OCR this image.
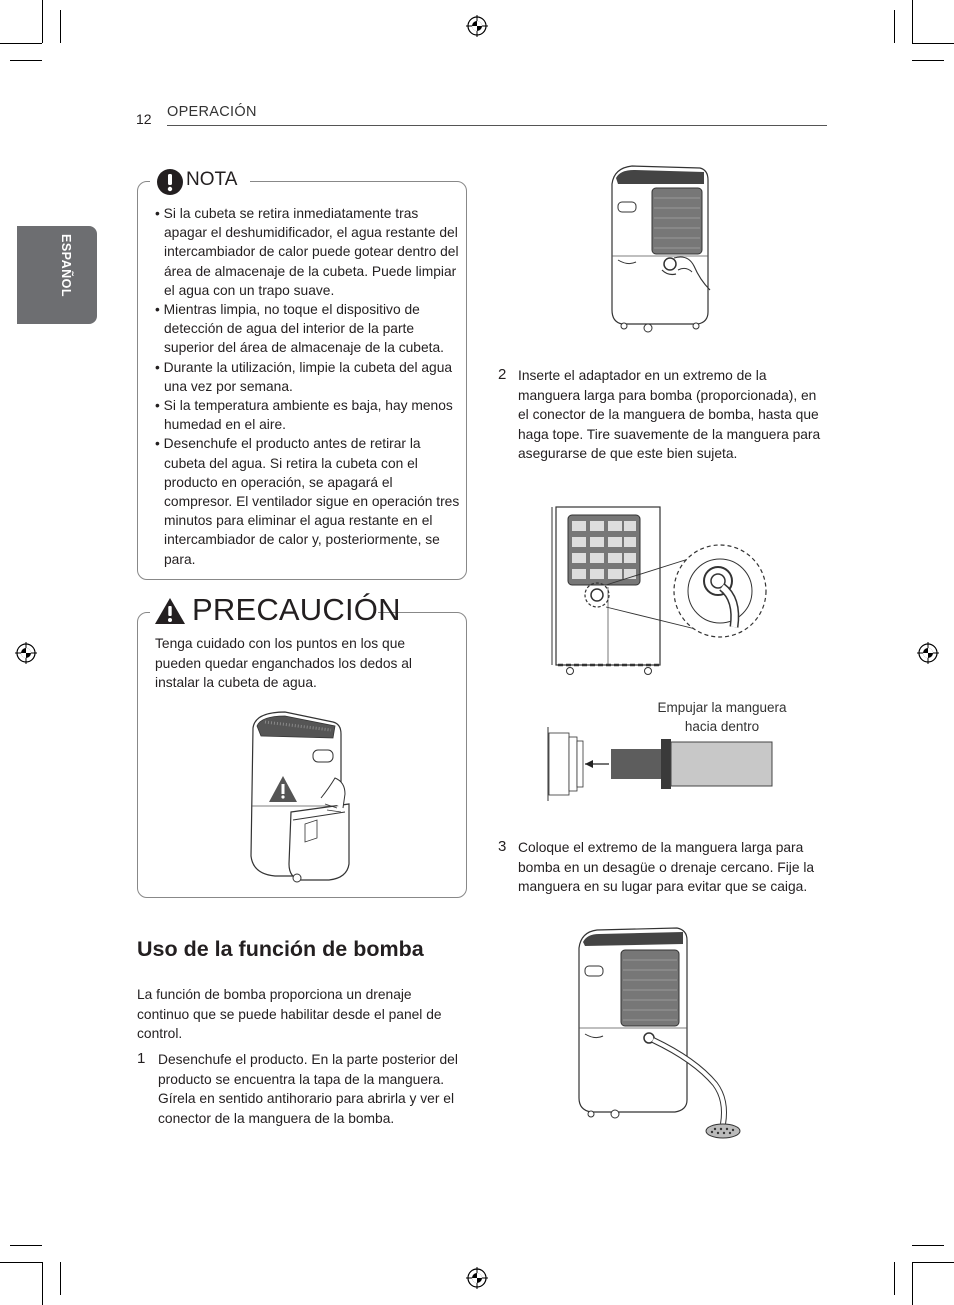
12 OPERACIÓN
ESPAÑOL
NOTA
• Si la cubeta se retira inmediatamente tras apagar el deshumidificador, el agua restante del intercambiador de calor puede gotear dentro del área de almacenaje de la cubeta. Puede limpiar el agua con un trapo suave.
• Mientras limpia, no toque el dispositivo de detección de agua del interior de la parte superior del área de almacenaje de la cubeta.
• Durante la utilización, limpie la cubeta del agua una vez por semana.
• Si la temperatura ambiente es baja, hay menos humedad en el aire.
• Desenchufe el producto antes de retirar la cubeta del agua. Si retira la cubeta con el producto en operación, se apagará el compresor. El ventilador sigue en operación tres minutos para eliminar el agua restante en el intercambiador de calor y, posteriormente, se para.
PRECAUCIÓN
Tenga cuidado con los puntos en los que pueden quedar enganchados los dedos al instalar la cubeta de agua.
2 Inserte el adaptador en un extremo de la manguera larga para bomba (proporcionada), en el conector de la manguera de bomba, hasta que haga tope. Tire suavemente de la manguera para asegurarse de que este bien sujeta.
Empujar la manguera
hacia dentro
3 Coloque el extremo de la manguera larga para bomba en un desagüe o drenaje cercano. Fije la manguera en su lugar para evitar que se caiga.
Uso de la función de bomba
La función de bomba proporciona un drenaje continuo que se puede habilitar desde el panel de control.
1 Desenchufe el producto. En la parte posterior del producto se encuentra la tapa de la manguera. Gírela en sentido antihorario para abrirla y ver el conector de la manguera de la bomba.
